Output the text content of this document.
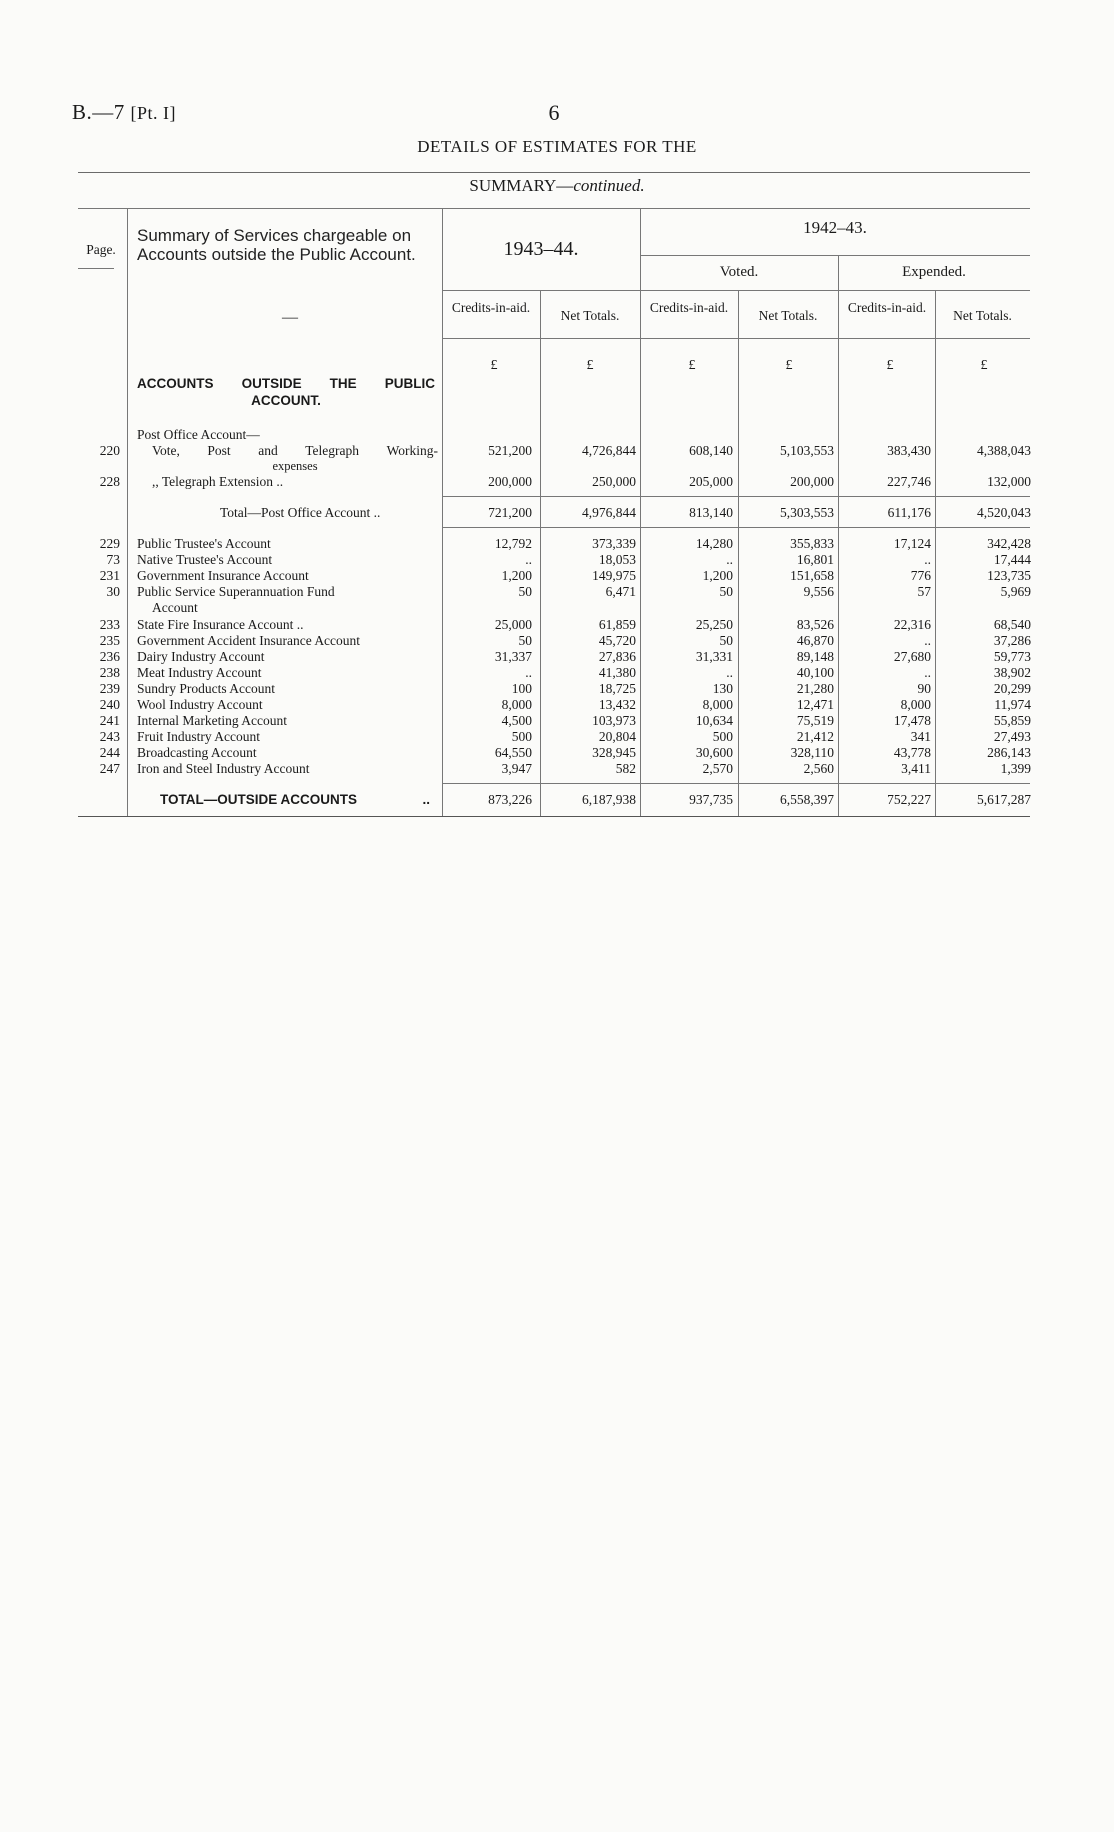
B.—7 [Pt. I]	6
DETAILS OF ESTIMATES FOR THE
SUMMARY—continued.
Page.
Summary of Services chargeable on Accounts outside the Public Account.
—
1943–44.
1942–43.
Voted.	Expended.
Credits-in-aid.
Net Totals.
Credits-in-aid.
Net Totals.
Credits-in-aid.
Net Totals.
£	£	£	£	£	£
ACCOUNTS OUTSIDE THE PUBLIC
ACCOUNT.
Post Office Account—
220 Vote, Post and Telegraph Working-	521,200	4,726,844	608,140	5,103,553	383,430	4,388,043
expenses
228 ,, Telegraph Extension ..	200,000	250,000	205,000	200,000	227,746	132,000
Total—Post Office Account ..	721,200	4,976,844	813,140	5,303,553	611,176	4,520,043
229 Public Trustee's Account	12,792	373,339	14,280	355,833	17,124	342,428
73 Native Trustee's Account	..	18,053	..	16,801	..	17,444
231 Government Insurance Account	1,200	149,975	1,200	151,658	776	123,735
30 Public Service Superannuation Fund	50	6,471	50	9,556	57	5,969
Account
233 State Fire Insurance Account ..	25,000	61,859	25,250	83,526	22,316	68,540
235 Government Accident Insurance Account	50	45,720	50	46,870	..	37,286
236 Dairy Industry Account	31,337	27,836	31,331	89,148	27,680	59,773
238 Meat Industry Account	..	41,380	..	40,100	..	38,902
239 Sundry Products Account	100	18,725	130	21,280	90	20,299
240 Wool Industry Account	8,000	13,432	8,000	12,471	8,000	11,974
241 Internal Marketing Account	4,500	103,973	10,634	75,519	17,478	55,859
243 Fruit Industry Account	500	20,804	500	21,412	341	27,493
244 Broadcasting Account	64,550	328,945	30,600	328,110	43,778	286,143
247 Iron and Steel Industry Account	3,947	582	2,570	2,560	3,411	1,399
TOTAL—OUTSIDE ACCOUNTS	..	873,226	6,187,938	937,735	6,558,397	752,227	5,617,287
